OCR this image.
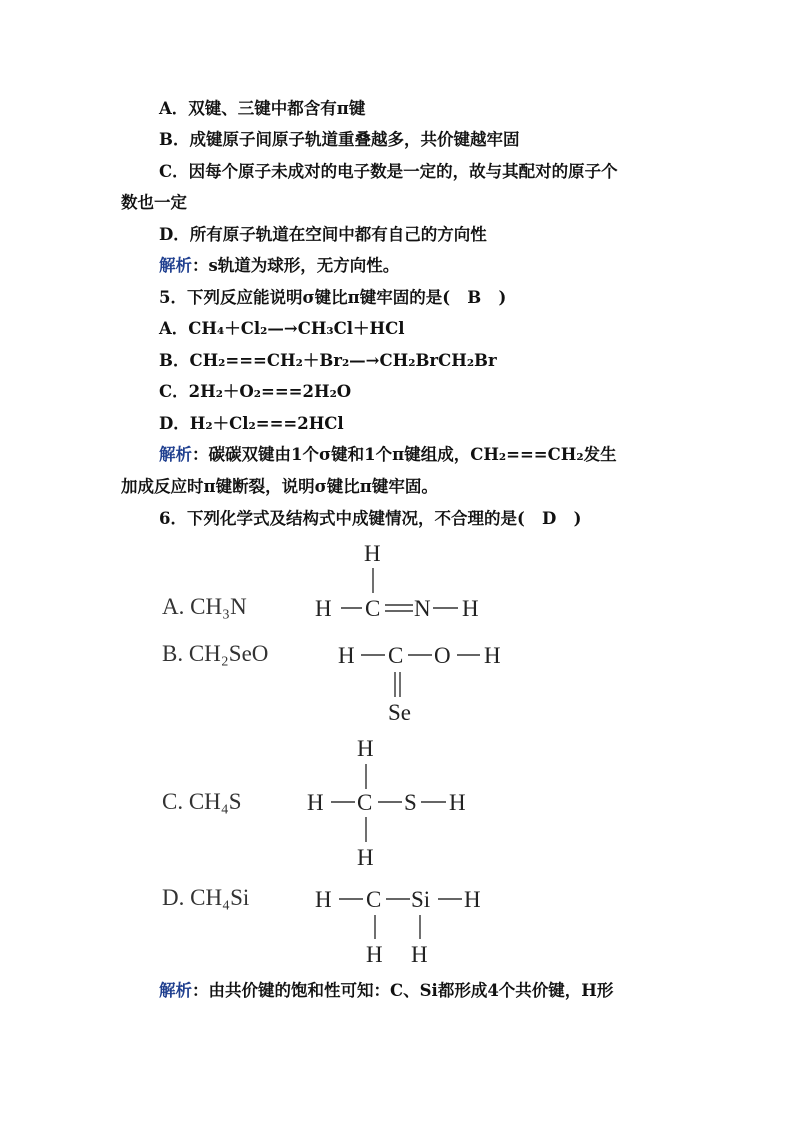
A．双键、三键中都含有π键
B．成键原子间原子轨道重叠越多，共价键越牢固
C．因每个原子未成对的电子数是一定的，故与其配对的原子个
数也一定
D．所有原子轨道在空间中都有自己的方向性
解析：s轨道为球形，无方向性。
5．下列反应能说明σ键比π键牢固的是( B )
A．CH₄＋Cl₂—→CH₃Cl＋HCl
B．CH₂===CH₂＋Br₂—→CH₂BrCH₂Br
C．2H₂＋O₂===2H₂O
D．H₂＋Cl₂===2HCl
解析：碳碳双键由1个σ键和1个π键组成，CH₂===CH₂发生
加成反应时π键断裂，说明σ键比π键牢固。
6．下列化学式及结构式中成键情况，不合理的是( D )
A. CH₃N
B. CH₂SeO
C. CH₄S
D. CH₄Si
H
H C N H
H C O H
Se
H
H C S H
H
H C Si H
H H
解析：由共价键的饱和性可知：C、Si都形成4个共价键，H形
